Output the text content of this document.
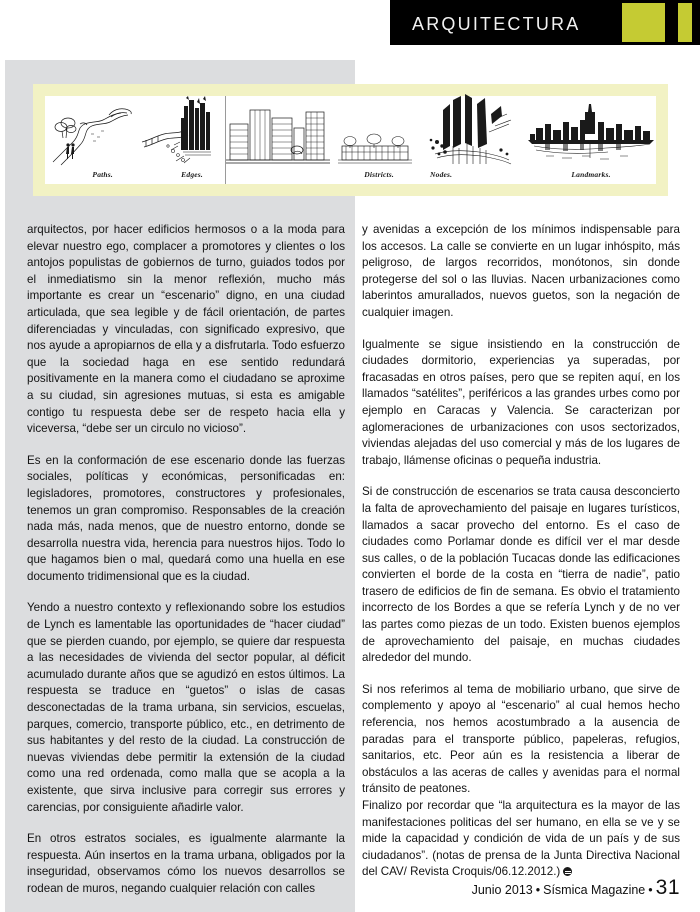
arquitectura
Paths.	Edges.	Districts.	Nodes.	Landmarks.

arquitectos, por hacer edificios hermosos o a la moda para elevar nuestro ego, complacer a promotores y clientes o los antojos populistas de gobiernos de turno, guiados todos por el inmediatismo sin la menor reflexión, mucho más importante es crear un “escenario” digno, en una ciudad articulada, que sea legible y de fácil orientación, de partes diferenciadas y vinculadas, con significado expresivo, que nos ayude a apropiarnos de ella y a disfrutarla. Todo esfuerzo que la sociedad haga en ese sentido redundará positivamente en la manera como el ciudadano se aproxime a su ciudad, sin agresiones mutuas, si esta es amigable contigo tu respuesta debe ser de respeto hacia ella y viceversa, “debe ser un circulo no vicioso”.

Es en la conformación de ese escenario donde las fuerzas sociales, políticas y económicas, personificadas en: legisladores, promotores, constructores y profesionales, tenemos un gran compromiso. Responsables de la creación nada más, nada menos, que de nuestro entorno, donde se desarrolla nuestra vida, herencia para nuestros hijos. Todo lo que hagamos bien o mal, quedará como una huella en ese documento tridimensional que es la ciudad.

Yendo a nuestro contexto y reflexionando sobre los estudios de Lynch es lamentable las oportunidades de “hacer ciudad” que se pierden cuando, por ejemplo, se quiere dar respuesta a las necesidades de vivienda del sector popular, al déficit acumulado durante años que se agudizó en estos últimos. La respuesta se traduce en “guetos” o islas de casas desconectadas de la trama urbana, sin servicios, escuelas, parques, comercio, transporte público, etc., en detrimento de sus habitantes y del resto de la ciudad. La construcción de nuevas viviendas debe permitir la extensión de la ciudad como una red ordenada, como malla que se acopla a la existente, que sirva inclusive para corregir sus errores y carencias, por consiguiente añadirle valor.

En otros estratos sociales, es igualmente alarmante la respuesta. Aún insertos en la trama urbana, obligados por la inseguridad, observamos cómo los nuevos desarrollos se rodean de muros, negando cualquier relación con calles

y avenidas a excepción de los mínimos indispensable para los accesos. La calle se convierte en un lugar inhóspito, más peligroso, de largos recorridos, monótonos, sin donde protegerse del sol o las lluvias. Nacen urbanizaciones como laberintos amurallados, nuevos guetos, son la negación de cualquier imagen.

Igualmente se sigue insistiendo en la construcción de ciudades dormitorio, experiencias ya superadas, por fracasadas en otros países, pero que se repiten aquí, en los llamados “satélites”, periféricos a las grandes urbes como por ejemplo en Caracas y Valencia. Se caracterizan por aglomeraciones de urbanizaciones con usos sectorizados, viviendas alejadas del uso comercial y más de los lugares de trabajo, llámense oficinas o pequeña industria.

Si de construcción de escenarios se trata causa desconcierto la falta de aprovechamiento del paisaje en lugares turísticos, llamados a sacar provecho del entorno. Es el caso de ciudades como Porlamar donde es difícil ver el mar desde sus calles, o de la población Tucacas donde las edificaciones convierten el borde de la costa en “tierra de nadie”, patio trasero de edificios de fin de semana. Es obvio el tratamiento incorrecto de los Bordes a que se refería Lynch y de no ver las partes como piezas de un todo. Existen buenos ejemplos de aprovechamiento del paisaje, en muchas ciudades alrededor del mundo.

Si nos referimos al tema de mobiliario urbano, que sirve de complemento y apoyo al “escenario” al cual hemos hecho referencia, nos hemos acostumbrado a la ausencia de paradas para el transporte público, papeleras, refugios, sanitarios, etc. Peor aún es la resistencia a liberar de obstáculos a las aceras de calles y avenidas para el normal tránsito de peatones.

Finalizo por recordar que “la arquitectura es la mayor de las manifestaciones politicas del ser humano, en ella se ve y se mide la capacidad y condición de vida de un país y de sus ciudadanos”. (notas de prensa de la Junta Directiva Nacional del CAV/ Revista Croquis/06.12.2012.)

Junio 2013 • Sísmica Magazine • 31
